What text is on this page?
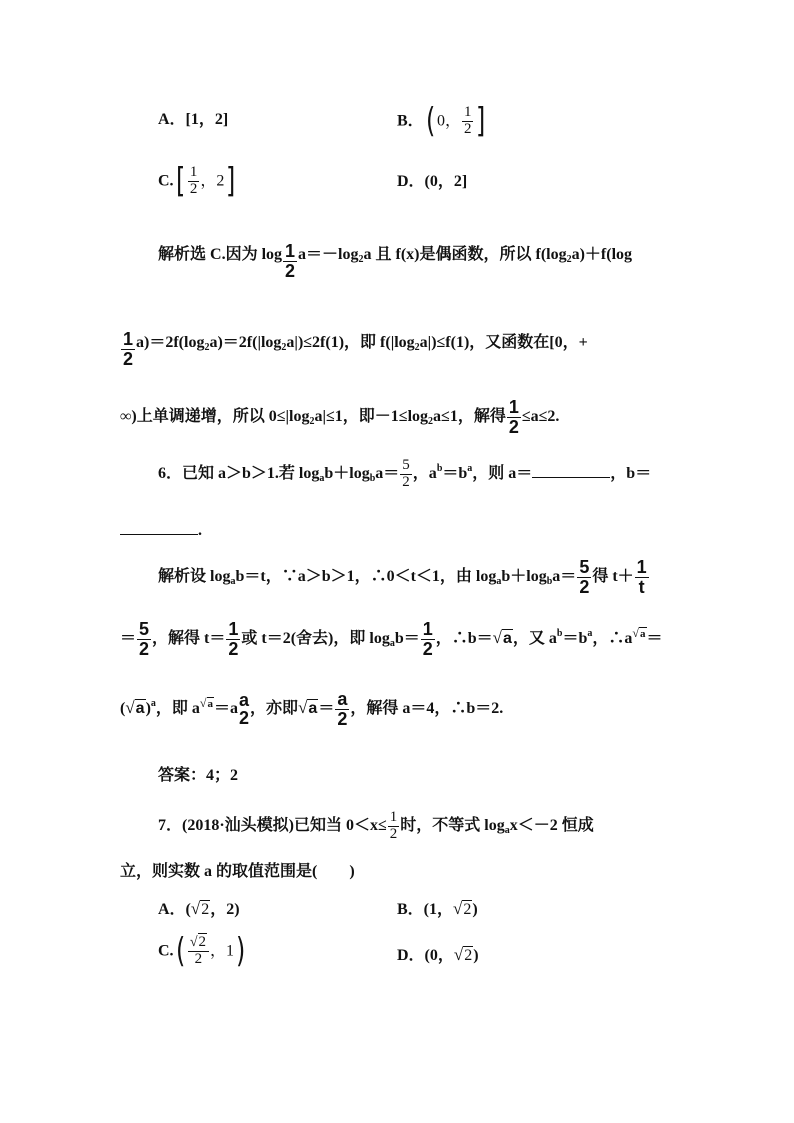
A．[1，2]	B．( 0， $\frac{1}{2}$ ]
$C.[ \frac{1}{2}$ ，2]	D．(0，2]
解析选 C.因为 $\log \frac{1}{2} a=-\log_2a$ 且 f(x)是偶函数，所以 $f(\log_2a)+f(\log$
$\frac{1}{2} a)=2f(\log_2a)=2f(|\log_2a|)\le 2f(1)$，即 $f(|\log_2a|)\le f(1)$，又函数在[0，+
∞)上单调递增，所以 $0\le|\log_2a|\le 1$，即$-1\le\log_2a\le 1$，解得 $\frac{1}{2} \le a\le 2$.
6．已知 a＞b＞1.若 $\log_ab+\log_ba= \frac{5}{2}$ ，$a^b=b^a$，则 a＝	，b＝
.
解析设 $\log_ab=t$，∵a＞b＞1，∴0＜t＜1，由 $\log_ab+\log_ba= \frac{5}{2}$ 得 $t+ \frac{1}{t}$
＝ $\frac{5}{2}$ ，解得 $t= \frac{1}{2}$ 或 t＝2(舍去)，即 $\log_ab= \frac{1}{2}$ ，∴b＝√a，又 $a^b=b^a$，∴a√a＝
$(√a)^a$，即 a√a＝a a
2 ，亦即$√a= \frac{a}{2}$ ，解得 a＝4，∴b＝2.
答案：4；2
7．(2018·汕头模拟)已知当 $0<x\le \frac{1}{2}$ 时，不等式 $\log_ax<-2$ 恒成
立，则实数 a 的取值范围是(　　)
A．(√2，2)	B．(1，√2)
$C.( \frac{√2}{2}$ ，1)	D．(0，√2)
